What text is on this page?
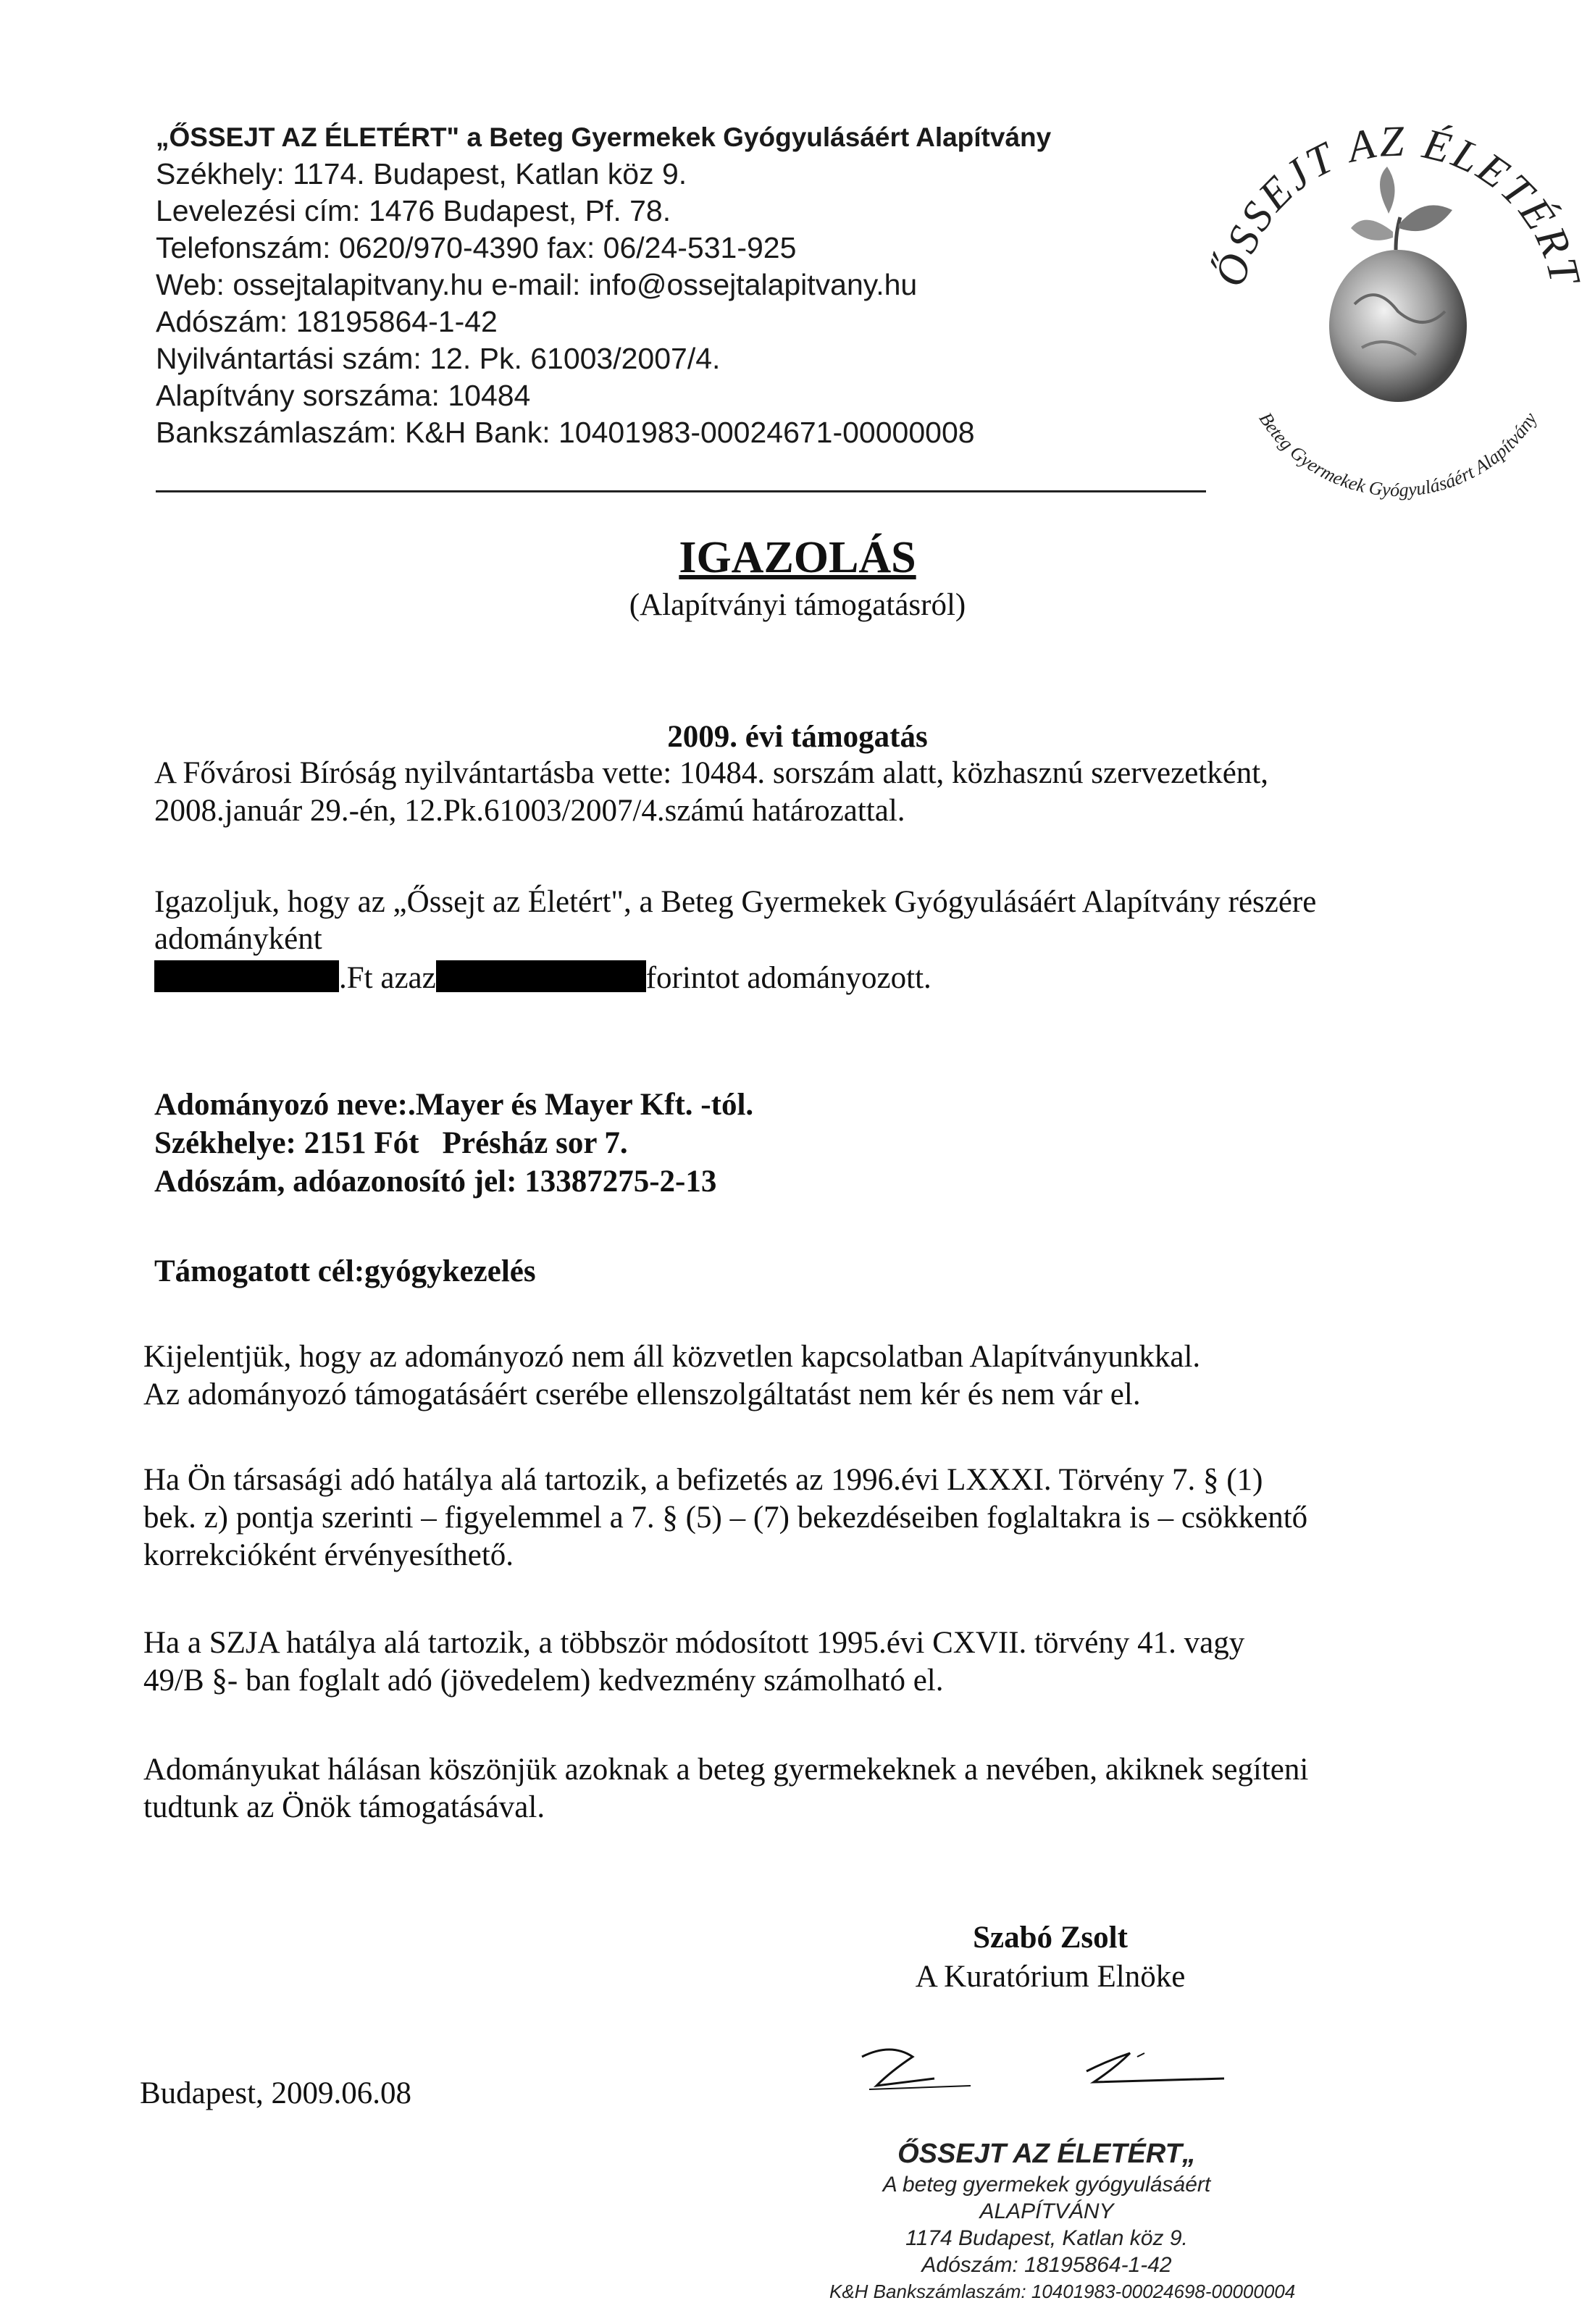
„ŐSSEJT AZ ÉLETÉRT" a Beteg Gyermekek Gyógyulásáért Alapítvány
Székhely: 1174. Budapest, Katlan köz 9.
Levelezési cím: 1476 Budapest, Pf. 78.
Telefonszám: 0620/970-4390 fax: 06/24-531-925
Web: ossejtalapitvany.hu e-mail: info@ossejtalapitvany.hu
Adószám: 18195864-1-42
Nyilvántartási szám: 12. Pk. 61003/2007/4.
Alapítvány sorszáma: 10484
Bankszámlaszám: K&H Bank: 10401983-00024671-00000008
ŐSSEJT AZ ÉLETÉR
Beteg Gyermekek Gyógyulásáért Alapítvány
IGAZOLÁS
(Alapítványi támogatásról)
2009. évi támogatás
A Fővárosi Bíróság nyilvántartásba vette: 10484. sorszám alatt, közhasznú szervezetként,
2008.január 29.-én, 12.Pk.61003/2007/4.számú határozattal.
Igazoljuk, hogy az „Őssejt az Életért", a Beteg Gyermekek Gyógyulásáért Alapítvány részére
adományként
.Ft azaz	forintot adományozott.
Adományozó neve:.Mayer és Mayer Kft. -tól.
Székhelye: 2151 Fót   Présház sor 7.
Adószám, adóazonosító jel: 13387275-2-13
Támogatott cél:gyógykezelés
Kijelentjük, hogy az adományozó nem áll közvetlen kapcsolatban Alapítványunkkal.
Az adományozó támogatásáért cserébe ellenszolgáltatást nem kér és nem vár el.
Ha Ön társasági adó hatálya alá tartozik, a befizetés az 1996.évi LXXXI. Törvény 7. § (1)
bek. z) pontja szerinti – figyelemmel a 7. § (5) – (7) bekezdéseiben foglaltakra is – csökkentő
korrekcióként érvényesíthető.
Ha a SZJA hatálya alá tartozik, a többször módosított 1995.évi CXVII. törvény 41. vagy
49/B §- ban foglalt adó (jövedelem) kedvezmény számolható el.
Adományukat hálásan köszönjük azoknak a beteg gyermekeknek a nevében, akiknek segíteni
tudtunk az Önök támogatásával.
Szabó Zsolt
A Kuratórium Elnöke
Budapest, 2009.06.08
ŐSSEJT AZ ÉLETÉRT„
A beteg gyermekek gyógyulásáért
ALAPÍTVÁNY
1174 Budapest, Katlan köz 9.
Adószám: 18195864-1-42
K&H Bankszámlaszám: 10401983-00024698-00000004
